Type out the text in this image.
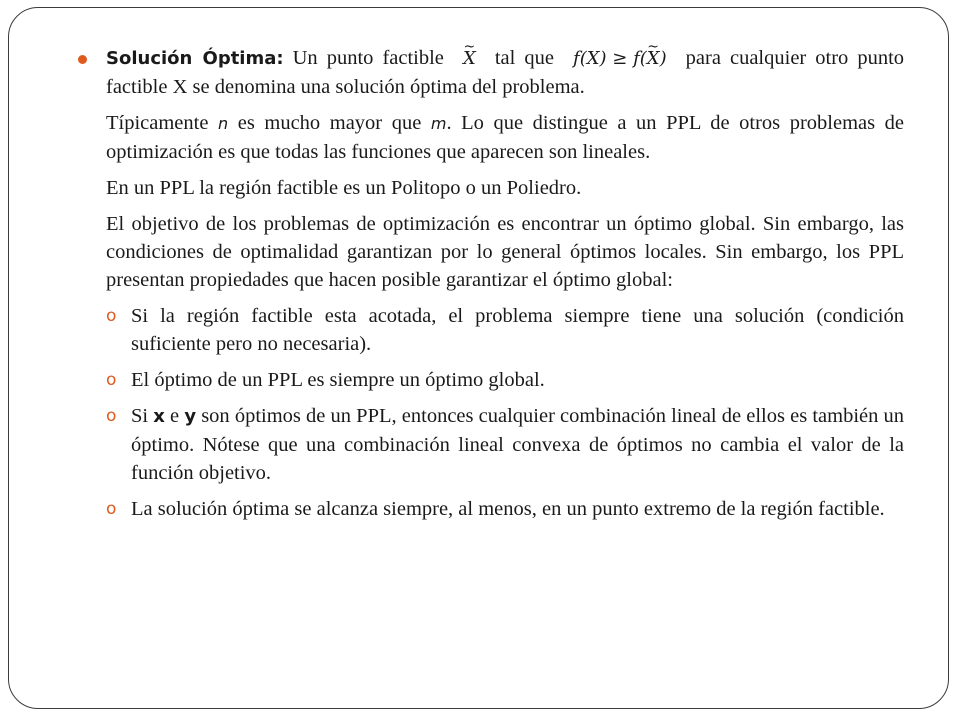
Solución Óptima: Un punto factible ~ X tal que f(X) ≥ f(~ X) para cualquier otro punto factible X se denomina una solución óptima del problema.

Típicamente n es mucho mayor que m. Lo que distingue a un PPL de otros problemas de optimización es que todas las funciones que aparecen son lineales.

En un PPL la región factible es un Politopo o un Poliedro.

El objetivo de los problemas de optimización es encontrar un óptimo global. Sin embargo, las condiciones de optimalidad garantizan por lo general óptimos locales. Sin embargo, los PPL presentan propiedades que hacen posible garantizar el óptimo global:

o Si la región factible esta acotada, el problema siempre tiene una solución (condición suficiente pero no necesaria).

o El óptimo de un PPL es siempre un óptimo global.

o Si x e y son óptimos de un PPL, entonces cualquier combinación lineal de ellos es también un óptimo. Nótese que una combinación lineal convexa de óptimos no cambia el valor de la función objetivo.

o La solución óptima se alcanza siempre, al menos, en un punto extremo de la región factible.
